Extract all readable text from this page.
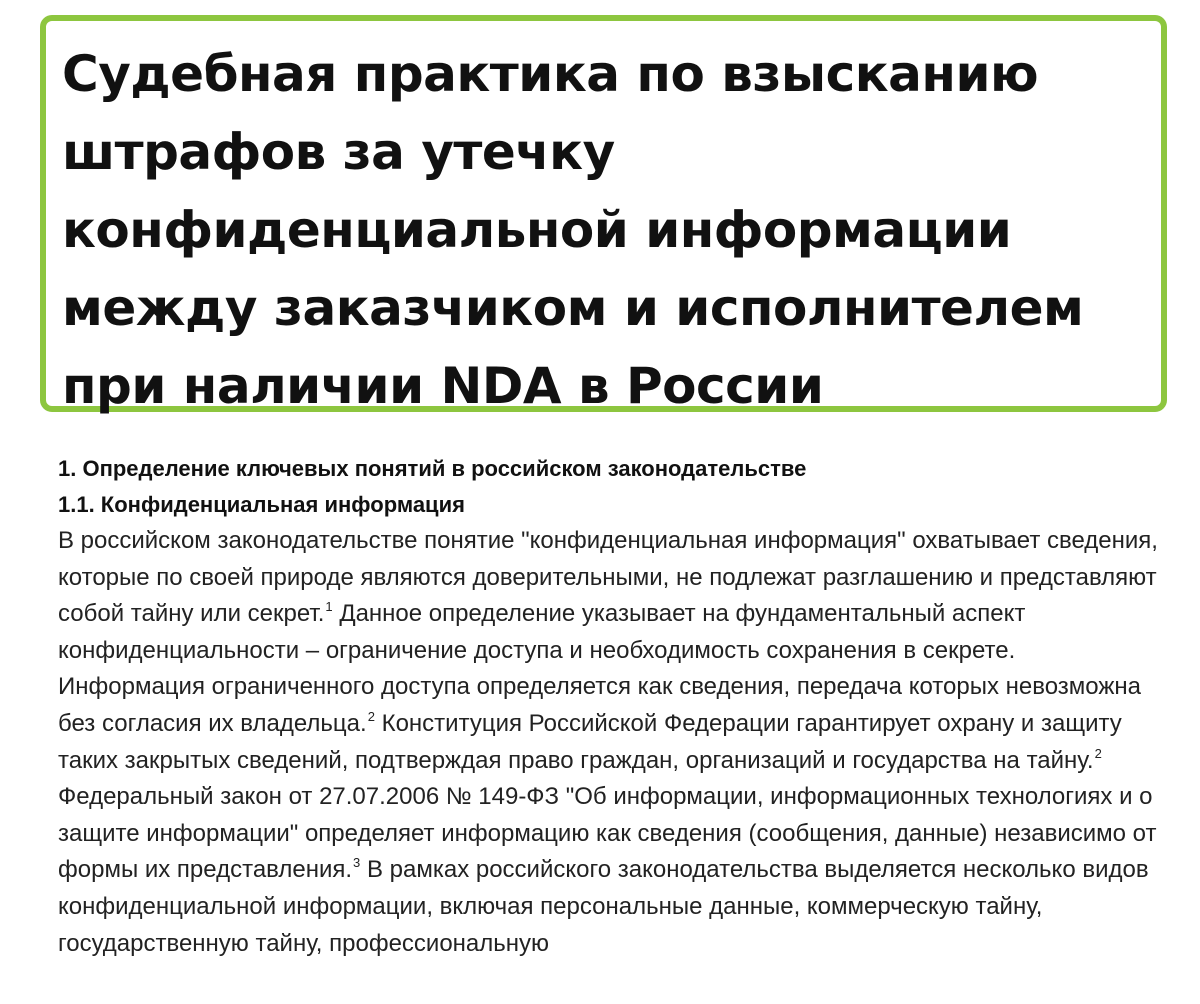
Судебная практика по взысканию штрафов за утечку конфиденциальной информации между заказчиком и исполнителем при наличии NDA в России

1. Определение ключевых понятий в российском законодательстве

1.1. Конфиденциальная информация

В российском законодательстве понятие "конфиденциальная информация" охватывает сведения, которые по своей природе являются доверительными, не подлежат разглашению и представляют собой тайну или секрет.$^1$ Данное определение указывает на фундаментальный аспект конфиденциальности – ограничение доступа и необходимость сохранения в секрете. Информация ограниченного доступа определяется как сведения, передача которых невозможна без согласия их владельца.$^2$ Конституция Российской Федерации гарантирует охрану и защиту таких закрытых сведений, подтверждая право граждан, организаций и государства на тайну.$^2$

Федеральный закон от 27.07.2006 № 149-ФЗ "Об информации, информационных технологиях и о защите информации" определяет информацию как сведения (сообщения, данные) независимо от формы их представления.$^3$ В рамках российского законодательства выделяется несколько видов конфиденциальной информации, включая персональные данные, коммерческую тайну, государственную тайну, профессиональную
